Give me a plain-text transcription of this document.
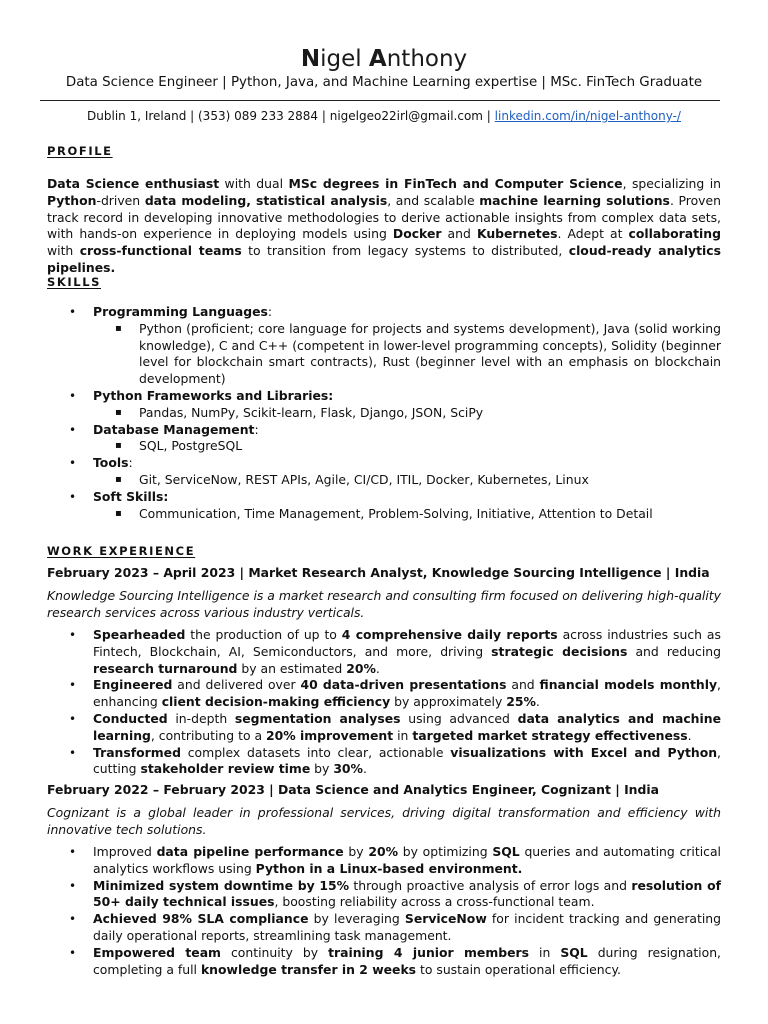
Nigel Anthony
Data Science Engineer | Python, Java, and Machine Learning expertise | MSc. FinTech Graduate
Dublin 1, Ireland | (353) 089 233 2884 | nigelgeo22irl@gmail.com | linkedin.com/in/nigel-anthony-/
PROFILE
Data Science enthusiast with dual MSc degrees in FinTech and Computer Science, specializing in Python-driven data modeling, statistical analysis, and scalable machine learning solutions. Proven track record in developing innovative methodologies to derive actionable insights from complex data sets, with hands-on experience in deploying models using Docker and Kubernetes. Adept at collaborating with cross-functional teams to transition from legacy systems to distributed, cloud-ready analytics pipelines.
SKILLS
• Programming Languages:
▪ Python (proficient; core language for projects and systems development), Java (solid working knowledge), C and C++ (competent in lower-level programming concepts), Solidity (beginner level for blockchain smart contracts), Rust (beginner level with an emphasis on blockchain development)
• Python Frameworks and Libraries:
▪ Pandas, NumPy, Scikit-learn, Flask, Django, JSON, SciPy
• Database Management:
▪ SQL, PostgreSQL
• Tools:
▪ Git, ServiceNow, REST APIs, Agile, CI/CD, ITIL, Docker, Kubernetes, Linux
• Soft Skills:
▪ Communication, Time Management, Problem-Solving, Initiative, Attention to Detail
WORK EXPERIENCE
February 2023 – April 2023 | Market Research Analyst, Knowledge Sourcing Intelligence | India
Knowledge Sourcing Intelligence is a market research and consulting firm focused on delivering high-quality research services across various industry verticals.
• Spearheaded the production of up to 4 comprehensive daily reports across industries such as Fintech, Blockchain, AI, Semiconductors, and more, driving strategic decisions and reducing research turnaround by an estimated 20%.
• Engineered and delivered over 40 data-driven presentations and financial models monthly, enhancing client decision-making efficiency by approximately 25%.
• Conducted in-depth segmentation analyses using advanced data analytics and machine learning, contributing to a 20% improvement in targeted market strategy effectiveness.
• Transformed complex datasets into clear, actionable visualizations with Excel and Python, cutting stakeholder review time by 30%.
February 2022 – February 2023 | Data Science and Analytics Engineer, Cognizant | India
Cognizant is a global leader in professional services, driving digital transformation and efficiency with innovative tech solutions.
• Improved data pipeline performance by 20% by optimizing SQL queries and automating critical analytics workflows using Python in a Linux-based environment.
• Minimized system downtime by 15% through proactive analysis of error logs and resolution of 50+ daily technical issues, boosting reliability across a cross-functional team.
• Achieved 98% SLA compliance by leveraging ServiceNow for incident tracking and generating daily operational reports, streamlining task management.
• Empowered team continuity by training 4 junior members in SQL during resignation, completing a full knowledge transfer in 2 weeks to sustain operational efficiency.
